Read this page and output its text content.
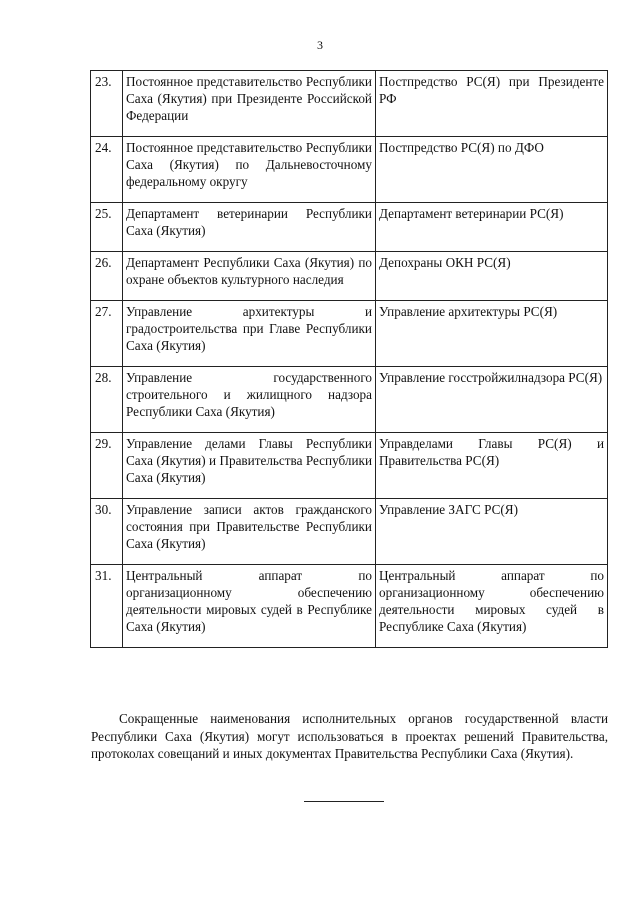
3
23.	Постоянное представительство Республики Саха (Якутия) при Президенте Российской Федерации	Постпредство РС(Я) при Президенте РФ
24.	Постоянное представительство Республики Саха (Якутия) по Дальневосточному федеральному округу	Постпредство РС(Я) по ДФО
25.	Департамент ветеринарии Республики Саха (Якутия)	Департамент ветеринарии РС(Я)
26.	Департамент Республики Саха (Якутия) по охране объектов культурного наследия	Депохраны ОКН РС(Я)
27.	Управление архитектуры и градостроительства при Главе Республики Саха (Якутия)	Управление архитектуры РС(Я)
28.	Управление государственного строительного и жилищного надзора Республики Саха (Якутия)	Управление госстройжилнадзора РС(Я)
29.	Управление делами Главы Республики Саха (Якутия) и Правительства Республики Саха (Якутия)	Управделами Главы РС(Я) и Правительства РС(Я)
30.	Управление записи актов гражданского состояния при Правительстве Республики Саха (Якутия)	Управление ЗАГС РС(Я)
31.	Центральный аппарат по организационному обеспечению деятельности мировых судей в Республике Саха (Якутия)	Центральный аппарат по организационному обеспечению деятельности мировых судей в Республике Саха (Якутия)

Сокращенные наименования исполнительных органов государственной власти Республики Саха (Якутия) могут использоваться в проектах решений Правительства, протоколах совещаний и иных документах Правительства Республики Саха (Якутия).
